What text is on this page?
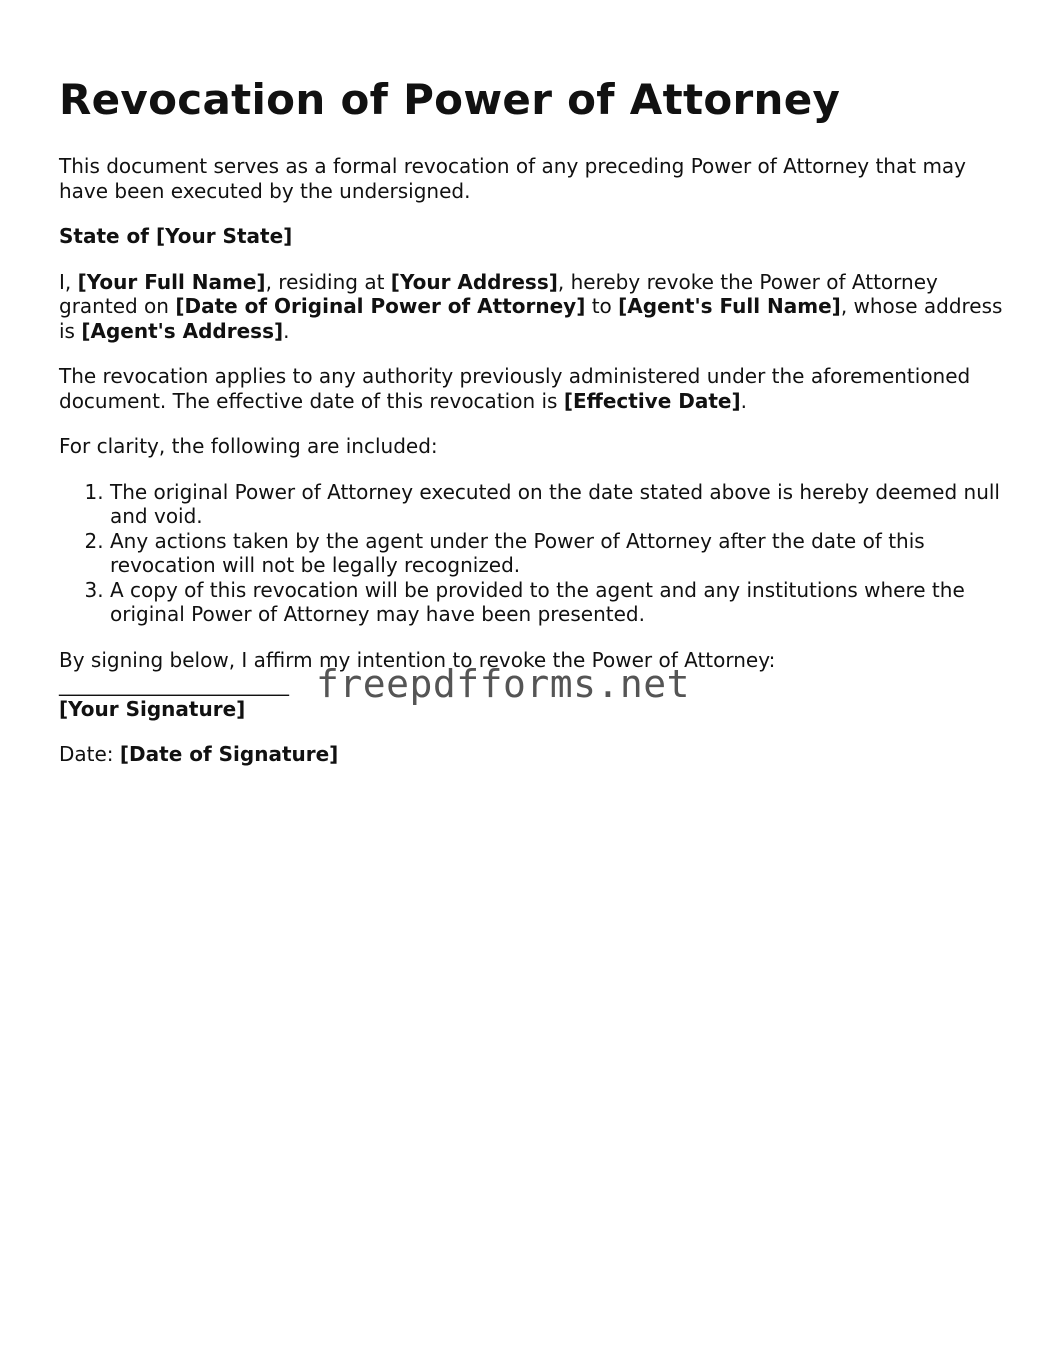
Revocation of Power of Attorney

This document serves as a formal revocation of any preceding Power of Attorney that may have been executed by the undersigned.

State of [Your State]

I, [Your Full Name], residing at [Your Address], hereby revoke the Power of Attorney granted on [Date of Original Power of Attorney] to [Agent's Full Name], whose address is [Agent's Address].

The revocation applies to any authority previously administered under the aforementioned document. The effective date of this revocation is [Effective Date].

For clarity, the following are included:

1. The original Power of Attorney executed on the date stated above is hereby deemed null and void.
2. Any actions taken by the agent under the Power of Attorney after the date of this revocation will not be legally recognized.
3. A copy of this revocation will be provided to the agent and any institutions where the original Power of Attorney may have been presented.

By signing below, I affirm my intention to revoke the Power of Attorney:

_______________________

[Your Signature]

Date: [Date of Signature]

freepdfforms.net
